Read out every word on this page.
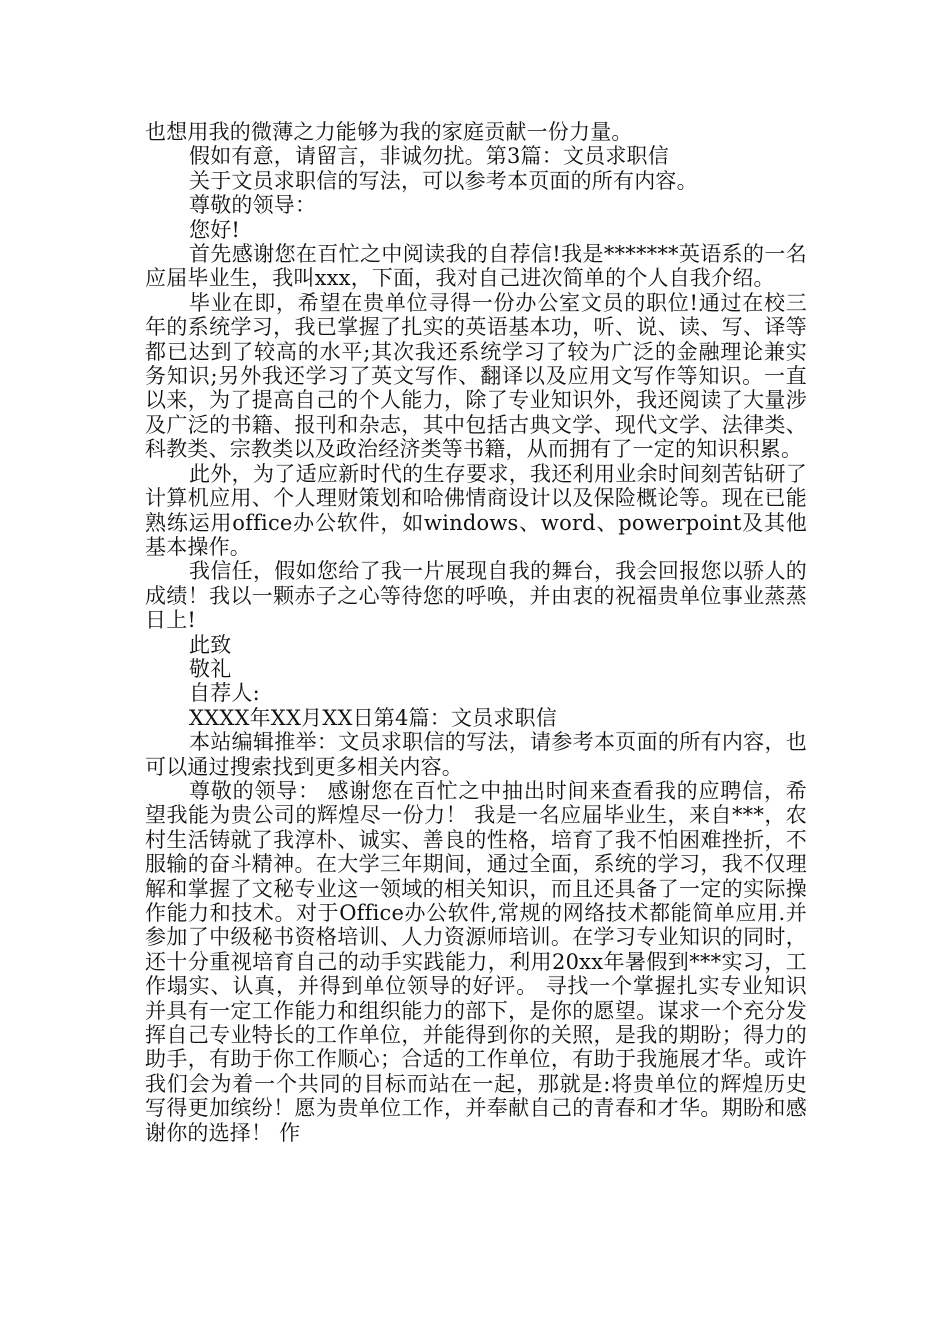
也想用我的微薄之力能够为我的家庭贡献一份力量。

假如有意，请留言，非诚勿扰。第3篇：文员求职信

关于文员求职信的写法，可以参考本页面的所有内容。

尊敬的领导：

您好!

首先感谢您在百忙之中阅读我的自荐信!我是*******英语系的一名应届毕业生，我叫xxx，下面，我对自己进次简单的个人自我介绍。

毕业在即，希望在贵单位寻得一份办公室文员的职位!通过在校三年的系统学习，我已掌握了扎实的英语基本功，听、说、读、写、译等都已达到了较高的水平;其次我还系统学习了较为广泛的金融理论兼实务知识;另外我还学习了英文写作、翻译以及应用文写作等知识。一直以来，为了提高自己的个人能力，除了专业知识外，我还阅读了大量涉及广泛的书籍、报刊和杂志，其中包括古典文学、现代文学、法律类、科教类、宗教类以及政治经济类等书籍，从而拥有了一定的知识积累。

此外，为了适应新时代的生存要求，我还利用业余时间刻苦钻研了计算机应用、个人理财策划和哈佛情商设计以及保险概论等。现在已能熟练运用office办公软件，如windows、word、powerpoint及其他基本操作。

我信任，假如您给了我一片展现自我的舞台，我会回报您以骄人的成绩！我以一颗赤子之心等待您的呼唤，并由衷的祝福贵单位事业蒸蒸日上!

此致

敬礼

自荐人:

XXXX年XX月XX日第4篇：文员求职信

本站编辑推举：文员求职信的写法，请参考本页面的所有内容，也可以通过搜索找到更多相关内容。

尊敬的领导： 感谢您在百忙之中抽出时间来查看我的应聘信，希望我能为贵公司的辉煌尽一份力！ 我是一名应届毕业生，来自***，农村生活铸就了我淳朴、诚实、善良的性格，培育了我不怕困难挫折，不服输的奋斗精神。在大学三年期间，通过全面，系统的学习，我不仅理解和掌握了文秘专业这一领域的相关知识，而且还具备了一定的实际操作能力和技术。对于Office办公软件,常规的网络技术都能简单应用.并参加了中级秘书资格培训、人力资源师培训。在学习专业知识的同时，还十分重视培育自己的动手实践能力，利用20xx年暑假到***实习，工作塌实、认真，并得到单位领导的好评。 寻找一个掌握扎实专业知识并具有一定工作能力和组织能力的部下，是你的愿望。谋求一个充分发挥自己专业特长的工作单位，并能得到你的关照，是我的期盼；得力的助手，有助于你工作顺心；合适的工作单位，有助于我施展才华。或许我们会为着一个共同的目标而站在一起，那就是:将贵单位的辉煌历史写得更加缤纷！愿为贵单位工作，并奉献自己的青春和才华。期盼和感谢你的选择！ 作
